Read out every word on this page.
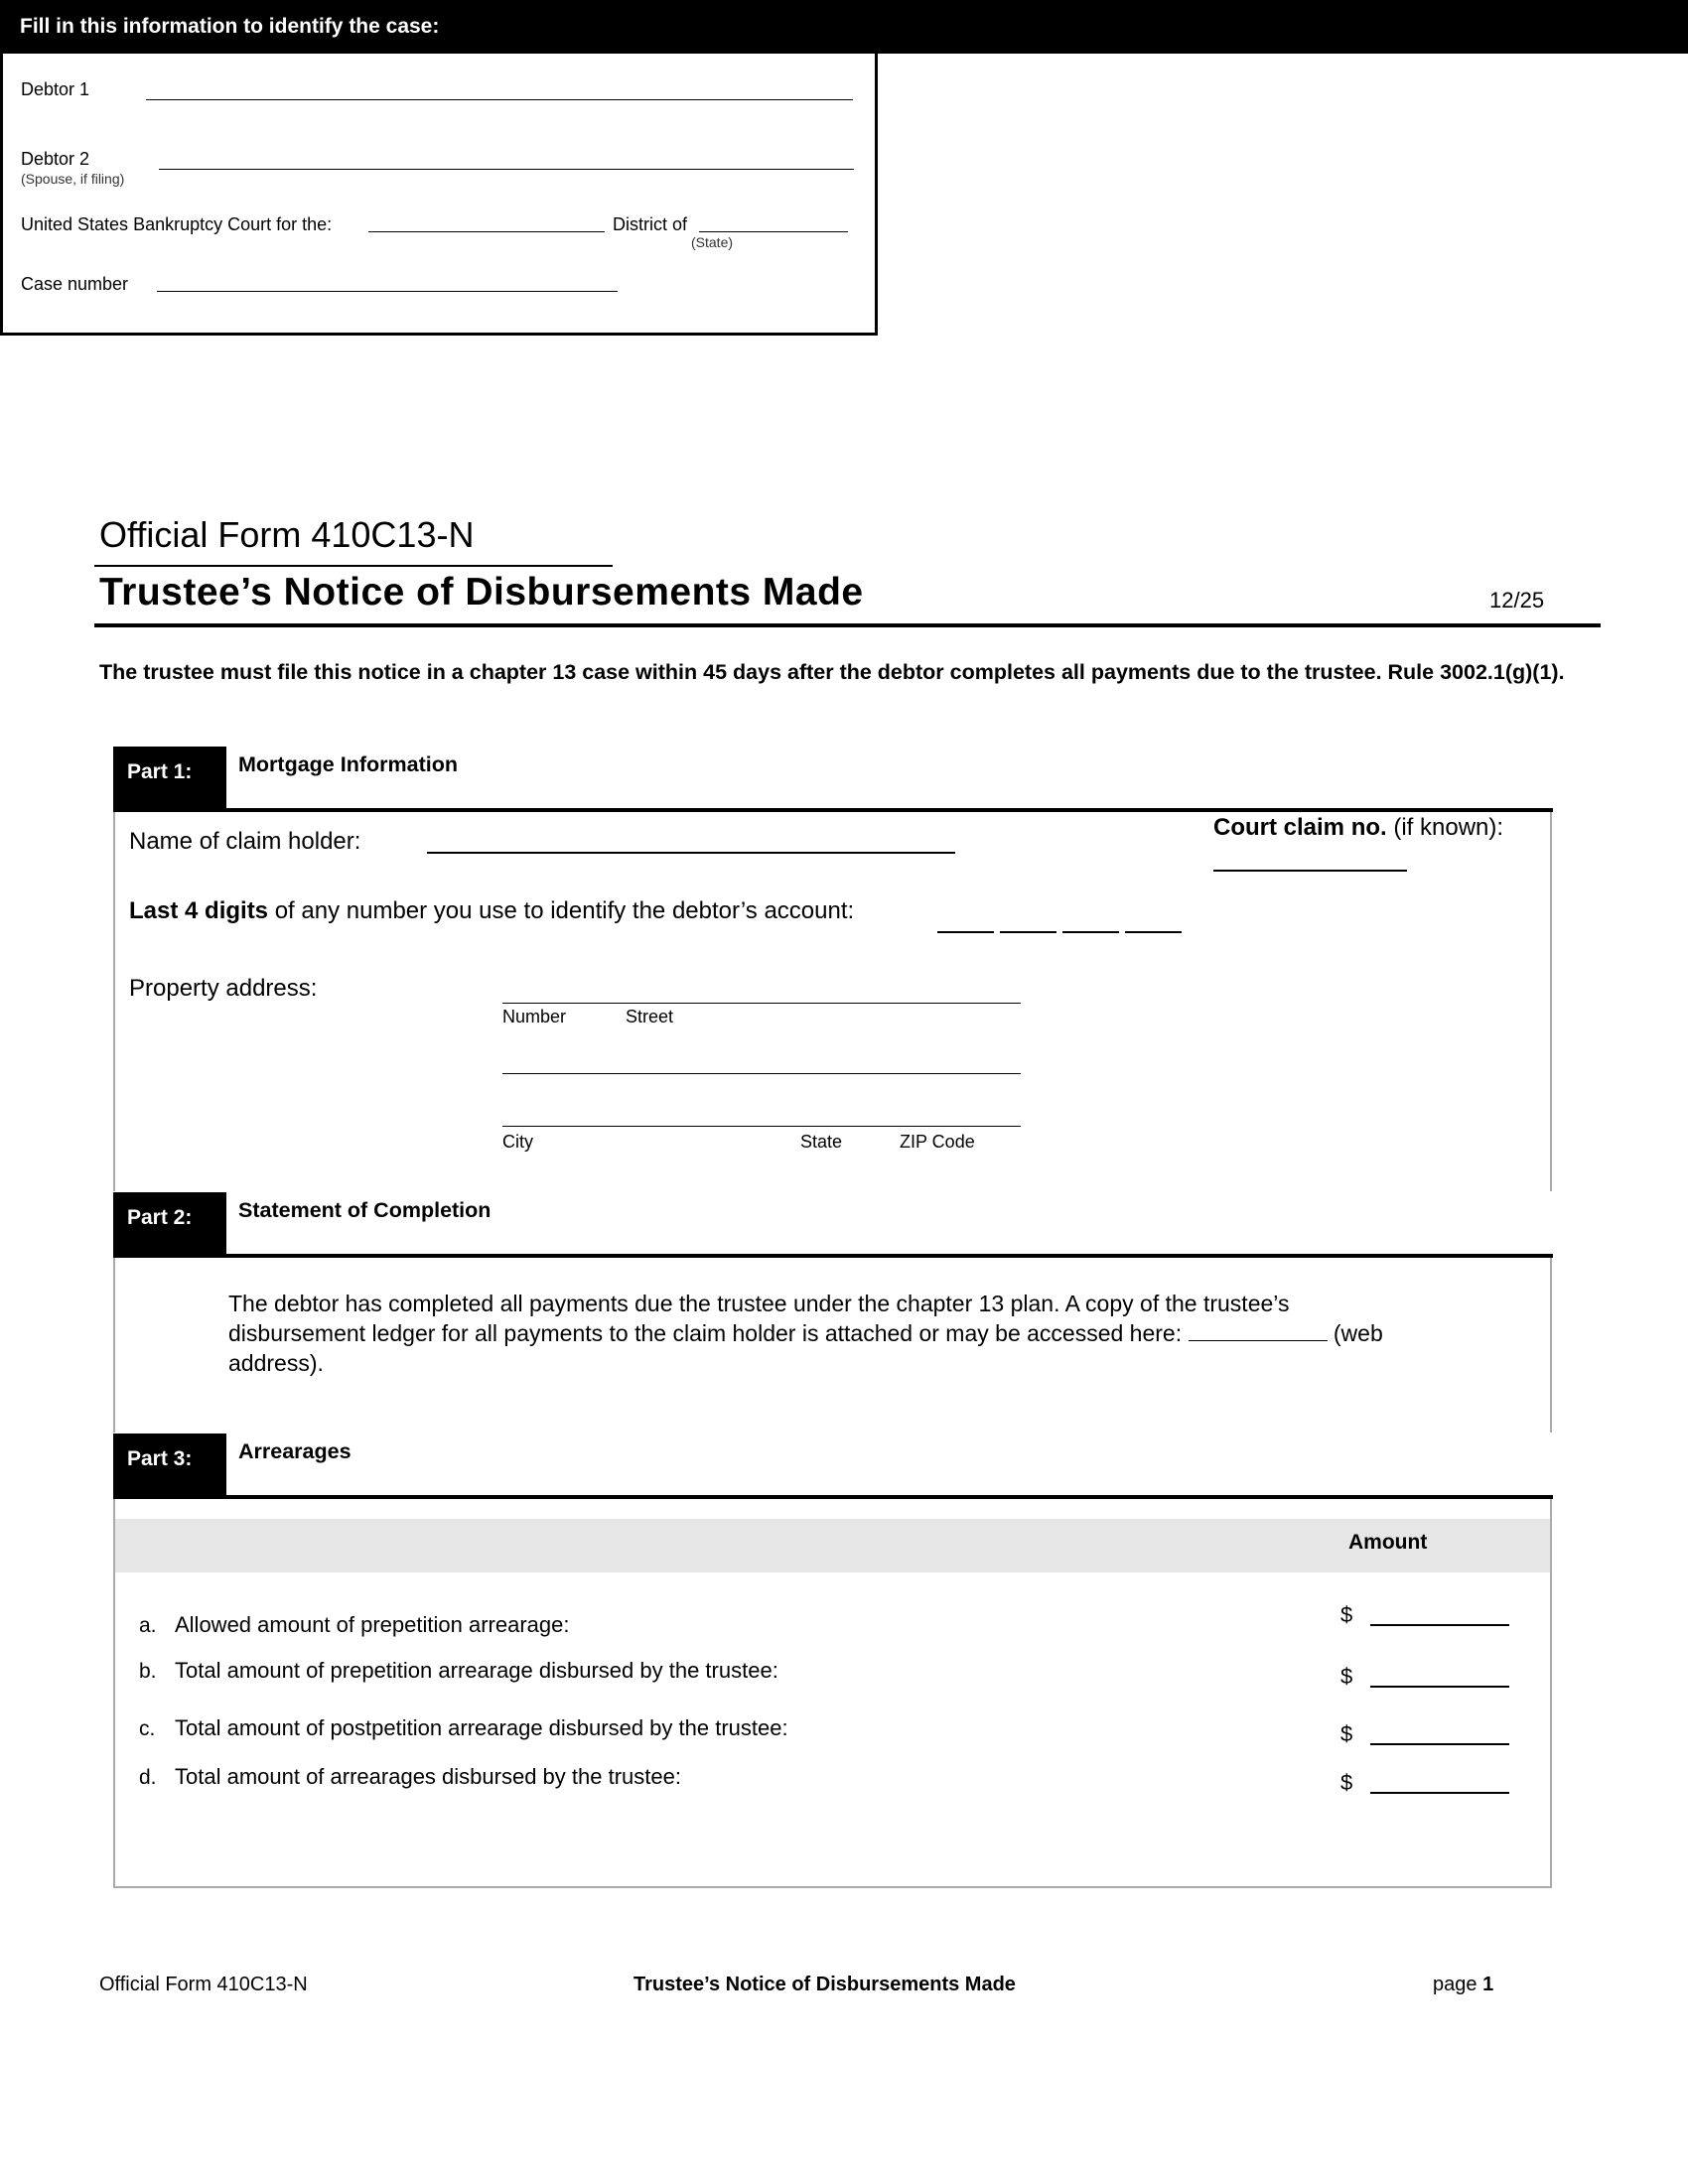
Fill in this information to identify the case:
Debtor 1
Debtor 2
(Spouse, if filing)
United States Bankruptcy Court for the:	District of
(State)
Case number
Official Form 410C13-N
Trustee’s Notice of Disbursements Made	12/25
The trustee must file this notice in a chapter 13 case within 45 days after the debtor completes all payments due to the trustee. Rule 3002.1(g)(1).
Part 1:	Mortgage Information
Name of claim holder:
Court claim no. (if known):
Last 4 digits of any number you use to identify the debtor’s account:
Property address:
Number	Street
City	State	ZIP Code
Part 2:	Statement of Completion
The debtor has completed all payments due the trustee under the chapter 13 plan. A copy of the trustee’s
disbursement ledger for all payments to the claim holder is attached or may be accessed here:	(web
address).
Part 3:	Arrearages
Amount
a. Allowed amount of prepetition arrearage:	$
b. Total amount of prepetition arrearage disbursed by the trustee:	$
c. Total amount of postpetition arrearage disbursed by the trustee:	$
d. Total amount of arrearages disbursed by the trustee:	$
Official Form 410C13-N	Trustee’s Notice of Disbursements Made	page 1
